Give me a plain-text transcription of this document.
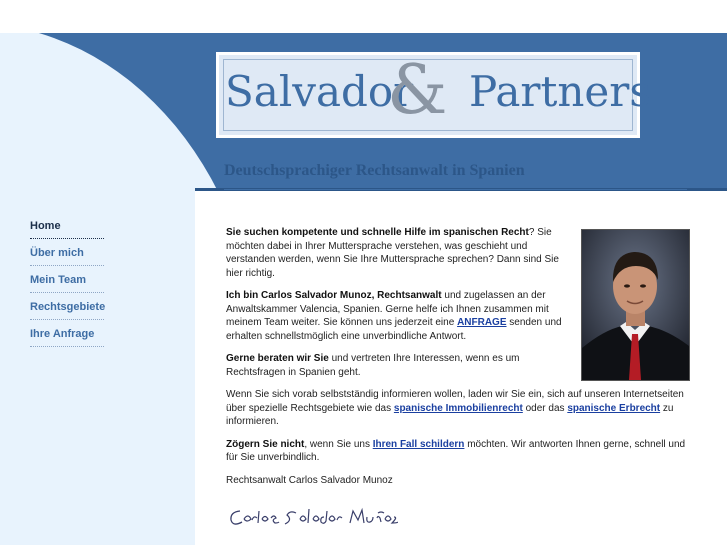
Salvador
& Partners
Deutschsprachiger Rechtsanwalt in Spanien
Home
Über mich
Mein Team
Rechtsgebiete
Ihre Anfrage

Sie suchen kompetente und schnelle Hilfe im spanischen Recht? Sie möchten dabei in Ihrer Muttersprache verstehen, was geschieht und verstanden werden, wenn Sie Ihre Muttersprache sprechen? Dann sind Sie hier richtig.

Ich bin Carlos Salvador Munoz, Rechtsanwalt und zugelassen an der Anwaltskammer Valencia, Spanien. Gerne helfe ich Ihnen zusammen mit meinem Team weiter. Sie können uns jederzeit eine ANFRAGE senden und erhalten schnellstmöglich eine unverbindliche Antwort.

Gerne beraten wir Sie und vertreten Ihre Interessen, wenn es um Rechtsfragen in Spanien geht.

Wenn Sie sich vorab selbstständig informieren wollen, laden wir Sie ein, sich auf unseren Internetseiten über spezielle Rechtsgebiete wie das spanische Immobilienrecht oder das spanische Erbrecht zu informieren.

Zögern Sie nicht, wenn Sie uns Ihren Fall schildern möchten. Wir antworten Ihnen gerne, schnell und für Sie unverbindlich.

Rechtsanwalt Carlos Salvador Munoz
